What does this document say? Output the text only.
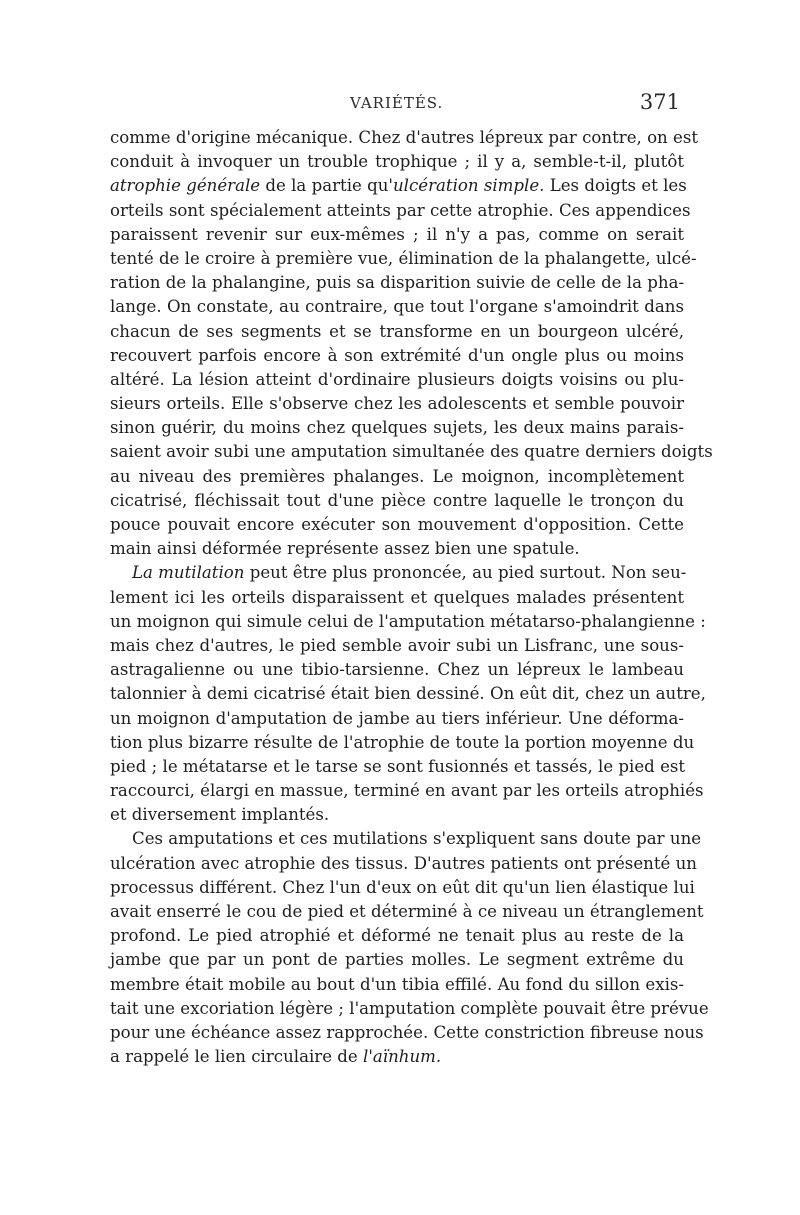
VARIÉTÉS.	371
comme d'origine mécanique. Chez d'autres lépreux par contre, on est
conduit à invoquer un trouble trophique ; il y a, semble-t-il, plutôt
atrophie générale de la partie qu'ulcération simple. Les doigts et les
orteils sont spécialement atteints par cette atrophie. Ces appendices
paraissent revenir sur eux-mêmes ; il n'y a pas, comme on serait
tenté de le croire à première vue, élimination de la phalangette, ulcé-
ration de la phalangine, puis sa disparition suivie de celle de la pha-
lange. On constate, au contraire, que tout l'organe s'amoindrit dans
chacun de ses segments et se transforme en un bourgeon ulcéré,
recouvert parfois encore à son extrémité d'un ongle plus ou moins
altéré. La lésion atteint d'ordinaire plusieurs doigts voisins ou plu-
sieurs orteils. Elle s'observe chez les adolescents et semble pouvoir
sinon guérir, du moins chez quelques sujets, les deux mains parais-
saient avoir subi une amputation simultanée des quatre derniers doigts
au niveau des premières phalanges. Le moignon, incomplètement
cicatrisé, fléchissait tout d'une pièce contre laquelle le tronçon du
pouce pouvait encore exécuter son mouvement d'opposition. Cette
main ainsi déformée représente assez bien une spatule.
La mutilation peut être plus prononcée, au pied surtout. Non seu-
lement ici les orteils disparaissent et quelques malades présentent
un moignon qui simule celui de l'amputation métatarso-phalangienne :
mais chez d'autres, le pied semble avoir subi un Lisfranc, une sous-
astragalienne ou une tibio-tarsienne. Chez un lépreux le lambeau
talonnier à demi cicatrisé était bien dessiné. On eût dit, chez un autre,
un moignon d'amputation de jambe au tiers inférieur. Une déforma-
tion plus bizarre résulte de l'atrophie de toute la portion moyenne du
pied ; le métatarse et le tarse se sont fusionnés et tassés, le pied est
raccourci, élargi en massue, terminé en avant par les orteils atrophiés
et diversement implantés.
Ces amputations et ces mutilations s'expliquent sans doute par une
ulcération avec atrophie des tissus. D'autres patients ont présenté un
processus différent. Chez l'un d'eux on eût dit qu'un lien élastique lui
avait enserré le cou de pied et déterminé à ce niveau un étranglement
profond. Le pied atrophié et déformé ne tenait plus au reste de la
jambe que par un pont de parties molles. Le segment extrême du
membre était mobile au bout d'un tibia effilé. Au fond du sillon exis-
tait une excoriation légère ; l'amputation complète pouvait être prévue
pour une échéance assez rapprochée. Cette constriction fibreuse nous
a rappelé le lien circulaire de l'aïnhum.
